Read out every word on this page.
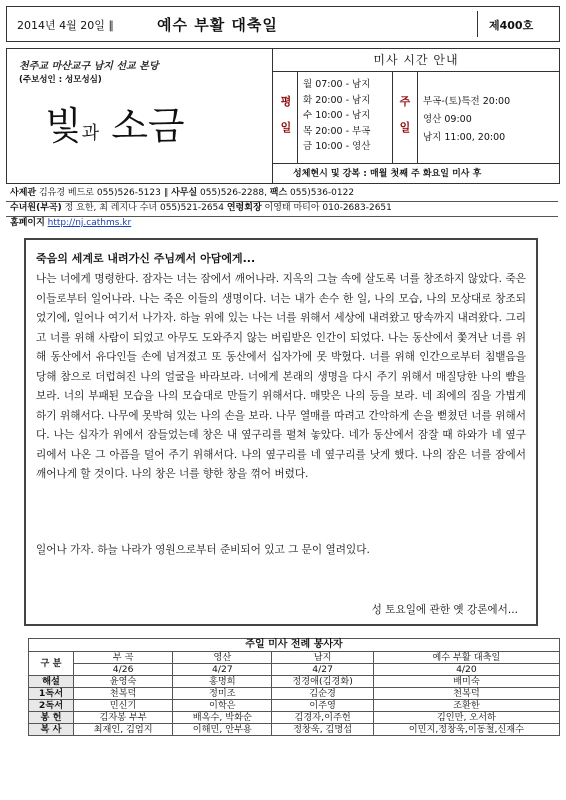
2014년 4월 20일 ∥	예수 부활 대축일	제400호
천주교 마산교구 남지 선교 본당
(주보성인 : 성모성심)
빛과 소금
미사 시간 안내
평
일
월 07:00 - 남지
화 20:00 - 남지
수 10:00 - 남지
목 20:00 - 부곡
금 10:00 - 영산
주
일
부곡-(토)특전 20:00
영산 09:00
남지 11:00, 20:00
성체현시 및 강복 : 매월 첫째 주 화요일 미사 후
사제관 김유경 베드로 055)526-5123 ∥ 사무실 055)526-2288, 팩스 055)536-0122
수녀원(부곡) 정 요한, 최 레지나 수녀 055)521-2654 연령회장 이영태 마티아 010-2683-2651
홈페이지 http://nj.cathms.kr
죽음의 세계로 내려가신 주님께서 아담에게...
나는 너에게 명령한다. 잠자는 너는 잠에서 깨어나라. 지옥의 그늘 속에 살도록 너를 창조하지 않았다. 죽은 이들로부터 일어나라. 나는 죽은 이들의 생명이다. 너는 내가 손수 한 일, 나의 모습, 나의 모상대로 창조되었기에, 일어나 여기서 나가자. 하늘 위에 있는 나는 너를 위해서 세상에 내려왔고 땅속까지 내려왔다. 그리고 너를 위해 사람이 되었고 아무도 도와주지 않는 버림받은 인간이 되었다. 나는 동산에서 쫓겨난 너를 위해 동산에서 유다인들 손에 넘겨졌고 또 동산에서 십자가에 못 박혔다. 너를 위해 인간으로부터 침뱉음을 당해 참으로 더럽혀진 나의 얼굴을 바라보라. 너에게 본래의 생명을 다시 주기 위해서 매질당한 나의 뺨을 보라. 너의 부패된 모습을 나의 모습대로 만들기 위해서다. 매맞은 나의 등을 보라. 네 죄에의 짐을 가볍게 하기 위해서다. 나무에 못박혀 있는 나의 손을 보라. 나무 열매를 따려고 간악하게 손을 뻗쳤던 너를 위해서다. 나는 십자가 위에서 잠들었는데 창은 내 옆구리를 펼쳐 놓았다. 네가 동산에서 잠잘 때 하와가 네 옆구리에서 나온 그 아픔을 덜어 주기 위해서다. 나의 옆구리를 네 옆구리를 낫게 했다. 나의 잠은 너를 잠에서 깨어나게 할 것이다. 나의 창은 너를 향한 창을 꺾어 버렸다.
일어나 가자. 하늘 나라가 영원으로부터 준비되어 있고 그 문이 열려있다.
성 토요일에 관한 옛 강론에서...
주일 미사 전례 봉사자				
구 분	부 곡	영산	남지	예수 부활 대축일
	4/26	4/27	4/27	4/20
해설	윤영숙	홍명희	정경애(김경화)	배미숙
1독서	천복덕	정미조	김순경	천복덕
2독서	민신기	이학은	이주영	조환한
봉 헌	김자봉 부부	배옥수, 박화순	김경자,이주헌	김인만, 오서하
복 사	최재인, 김엄지	이해민, 안부용	정창욱, 김명섭	이민지,정창욱,이동철,신재수
